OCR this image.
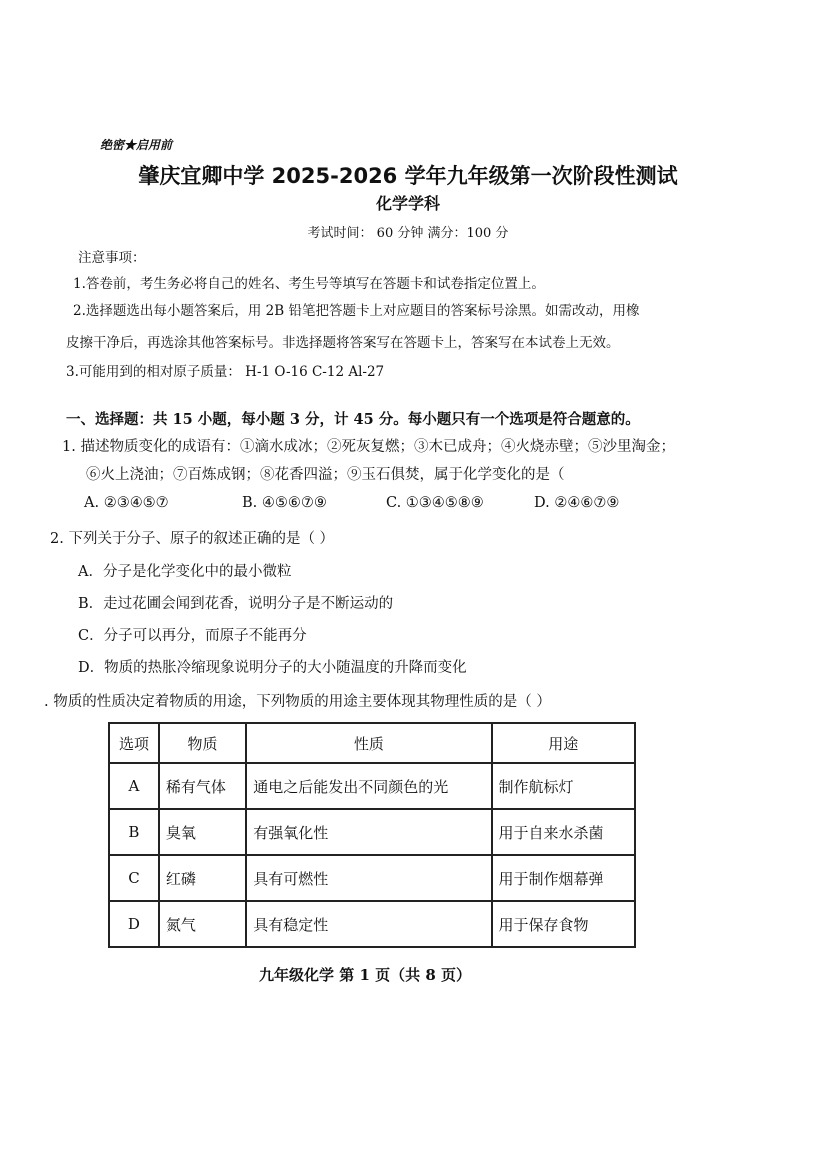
绝密★启用前
肇庆宜卿中学 2025-2026 学年九年级第一次阶段性测试
化学学科
考试时间： 60 分钟 满分：100 分
注意事项：
1.答卷前，考生务必将自己的姓名、考生号等填写在答题卡和试卷指定位置上。
2.选择题选出每小题答案后，用 2B 铅笔把答题卡上对应题目的答案标号涂黑。如需改动，用橡
皮擦干净后，再选涂其他答案标号。非选择题将答案写在答题卡上，答案写在本试卷上无效。
3.可能用到的相对原子质量： H-1 O-16 C-12 Al-27
一、选择题：共 15 小题，每小题 3 分，计 45 分。每小题只有一个选项是符合题意的。
1. 描述物质变化的成语有：①滴水成冰；②死灰复燃；③木已成舟；④火烧赤壁；⑤沙里淘金；
⑥火上浇油；⑦百炼成钢；⑧花香四溢；⑨玉石俱焚，属于化学变化的是（
A. ②③④⑤⑦	B. ④⑤⑥⑦⑨	C. ①③④⑤⑧⑨	D. ②④⑥⑦⑨
2. 下列关于分子、原子的叙述正确的是（ ）
A．分子是化学变化中的最小微粒
B．走过花圃会闻到花香，说明分子是不断运动的
C．分子可以再分，而原子不能再分
D．物质的热胀冷缩现象说明分子的大小随温度的升降而变化
. 物质的性质决定着物质的用途，下列物质的用途主要体现其物理性质的是（ ）
选项	物质	性质	用途
A	稀有气体	通电之后能发出不同颜色的光	制作航标灯
B	臭氧	有强氧化性	用于自来水杀菌
C	红磷	具有可燃性	用于制作烟幕弹
D	氮气	具有稳定性	用于保存食物
九年级化学 第 1 页（共 8 页）
